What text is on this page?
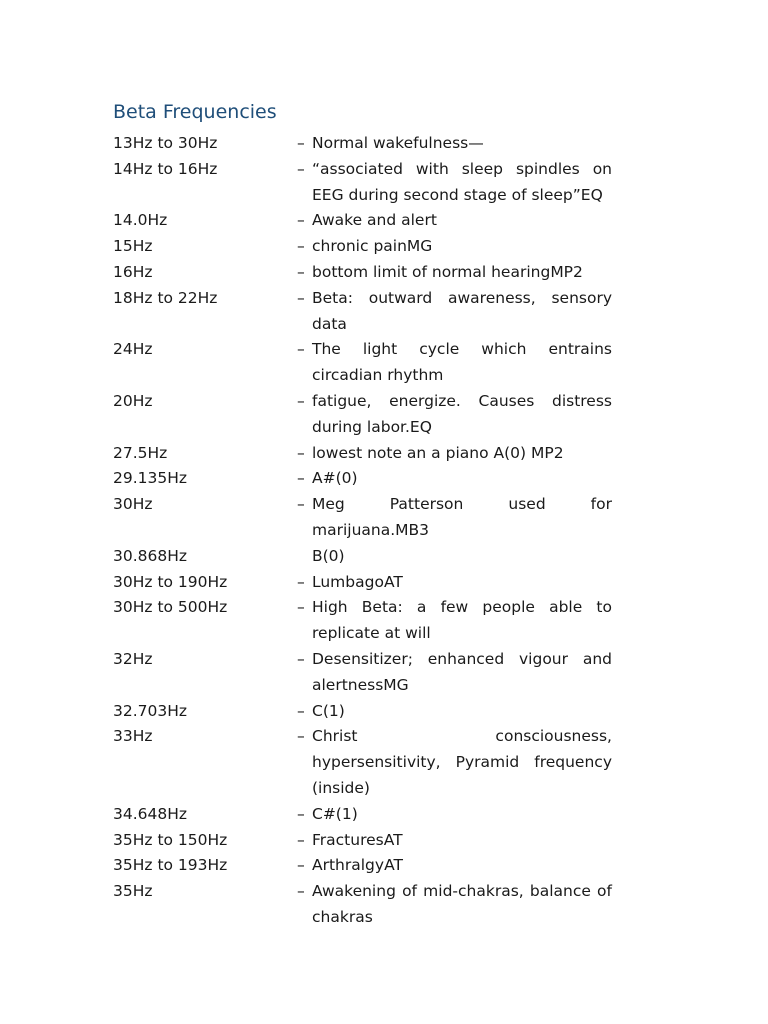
Beta Frequencies
13Hz to 30Hz	– Normal wakefulness—
14Hz to 16Hz	– “associated with sleep spindles on EEG during second stage of sleep”EQ
14.0Hz	– Awake and alert
15Hz	– chronic painMG
16Hz	– bottom limit of normal hearingMP2
18Hz to 22Hz	– Beta: outward awareness, sensory data
24Hz	– The light cycle which entrains circadian rhythm
20Hz	– fatigue, energize. Causes distress during labor.EQ
27.5Hz	– lowest note an a piano A(0) MP2
29.135Hz	– A#(0)
30Hz	– Meg Patterson used for marijuana.MB3
30.868Hz	B(0)
30Hz to 190Hz	– LumbagoAT
30Hz to 500Hz	– High Beta: a few people able to replicate at will
32Hz	– Desensitizer; enhanced vigour and alertnessMG
32.703Hz	– C(1)
33Hz	– Christ consciousness, hypersensitivity, Pyramid frequency (inside)
34.648Hz	– C#(1)
35Hz to 150Hz	– FracturesAT
35Hz to 193Hz	– ArthralgyAT
35Hz	– Awakening of mid-chakras, balance of chakras
